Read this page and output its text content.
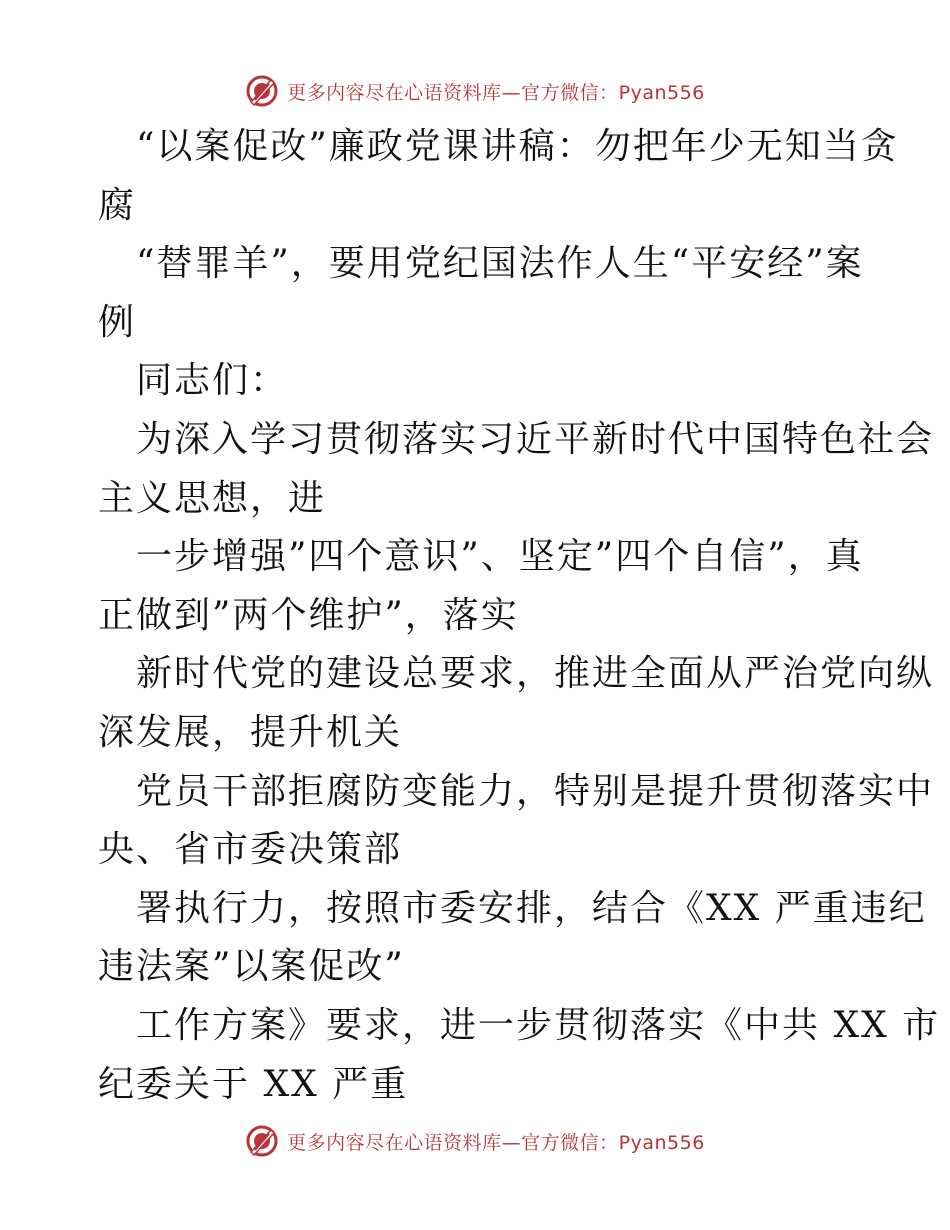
更多内容尽在心语资料库—官方微信：Pyan556
“以案促改”廉政党课讲稿：勿把年少无知当贪
腐
“替罪羊”，要用党纪国法作人生“平安经”案
例
同志们：
为深入学习贯彻落实习近平新时代中国特色社会
主义思想，进
一步增强”四个意识”、坚定”四个自信”，真
正做到”两个维护”，落实
新时代党的建设总要求，推进全面从严治党向纵
深发展，提升机关
党员干部拒腐防变能力，特别是提升贯彻落实中
央、省市委决策部
署执行力，按照市委安排，结合《XX 严重违纪
违法案”以案促改”
工作方案》要求，进一步贯彻落实《中共 XX 市
纪委关于 XX 严重
更多内容尽在心语资料库—官方微信：Pyan556
